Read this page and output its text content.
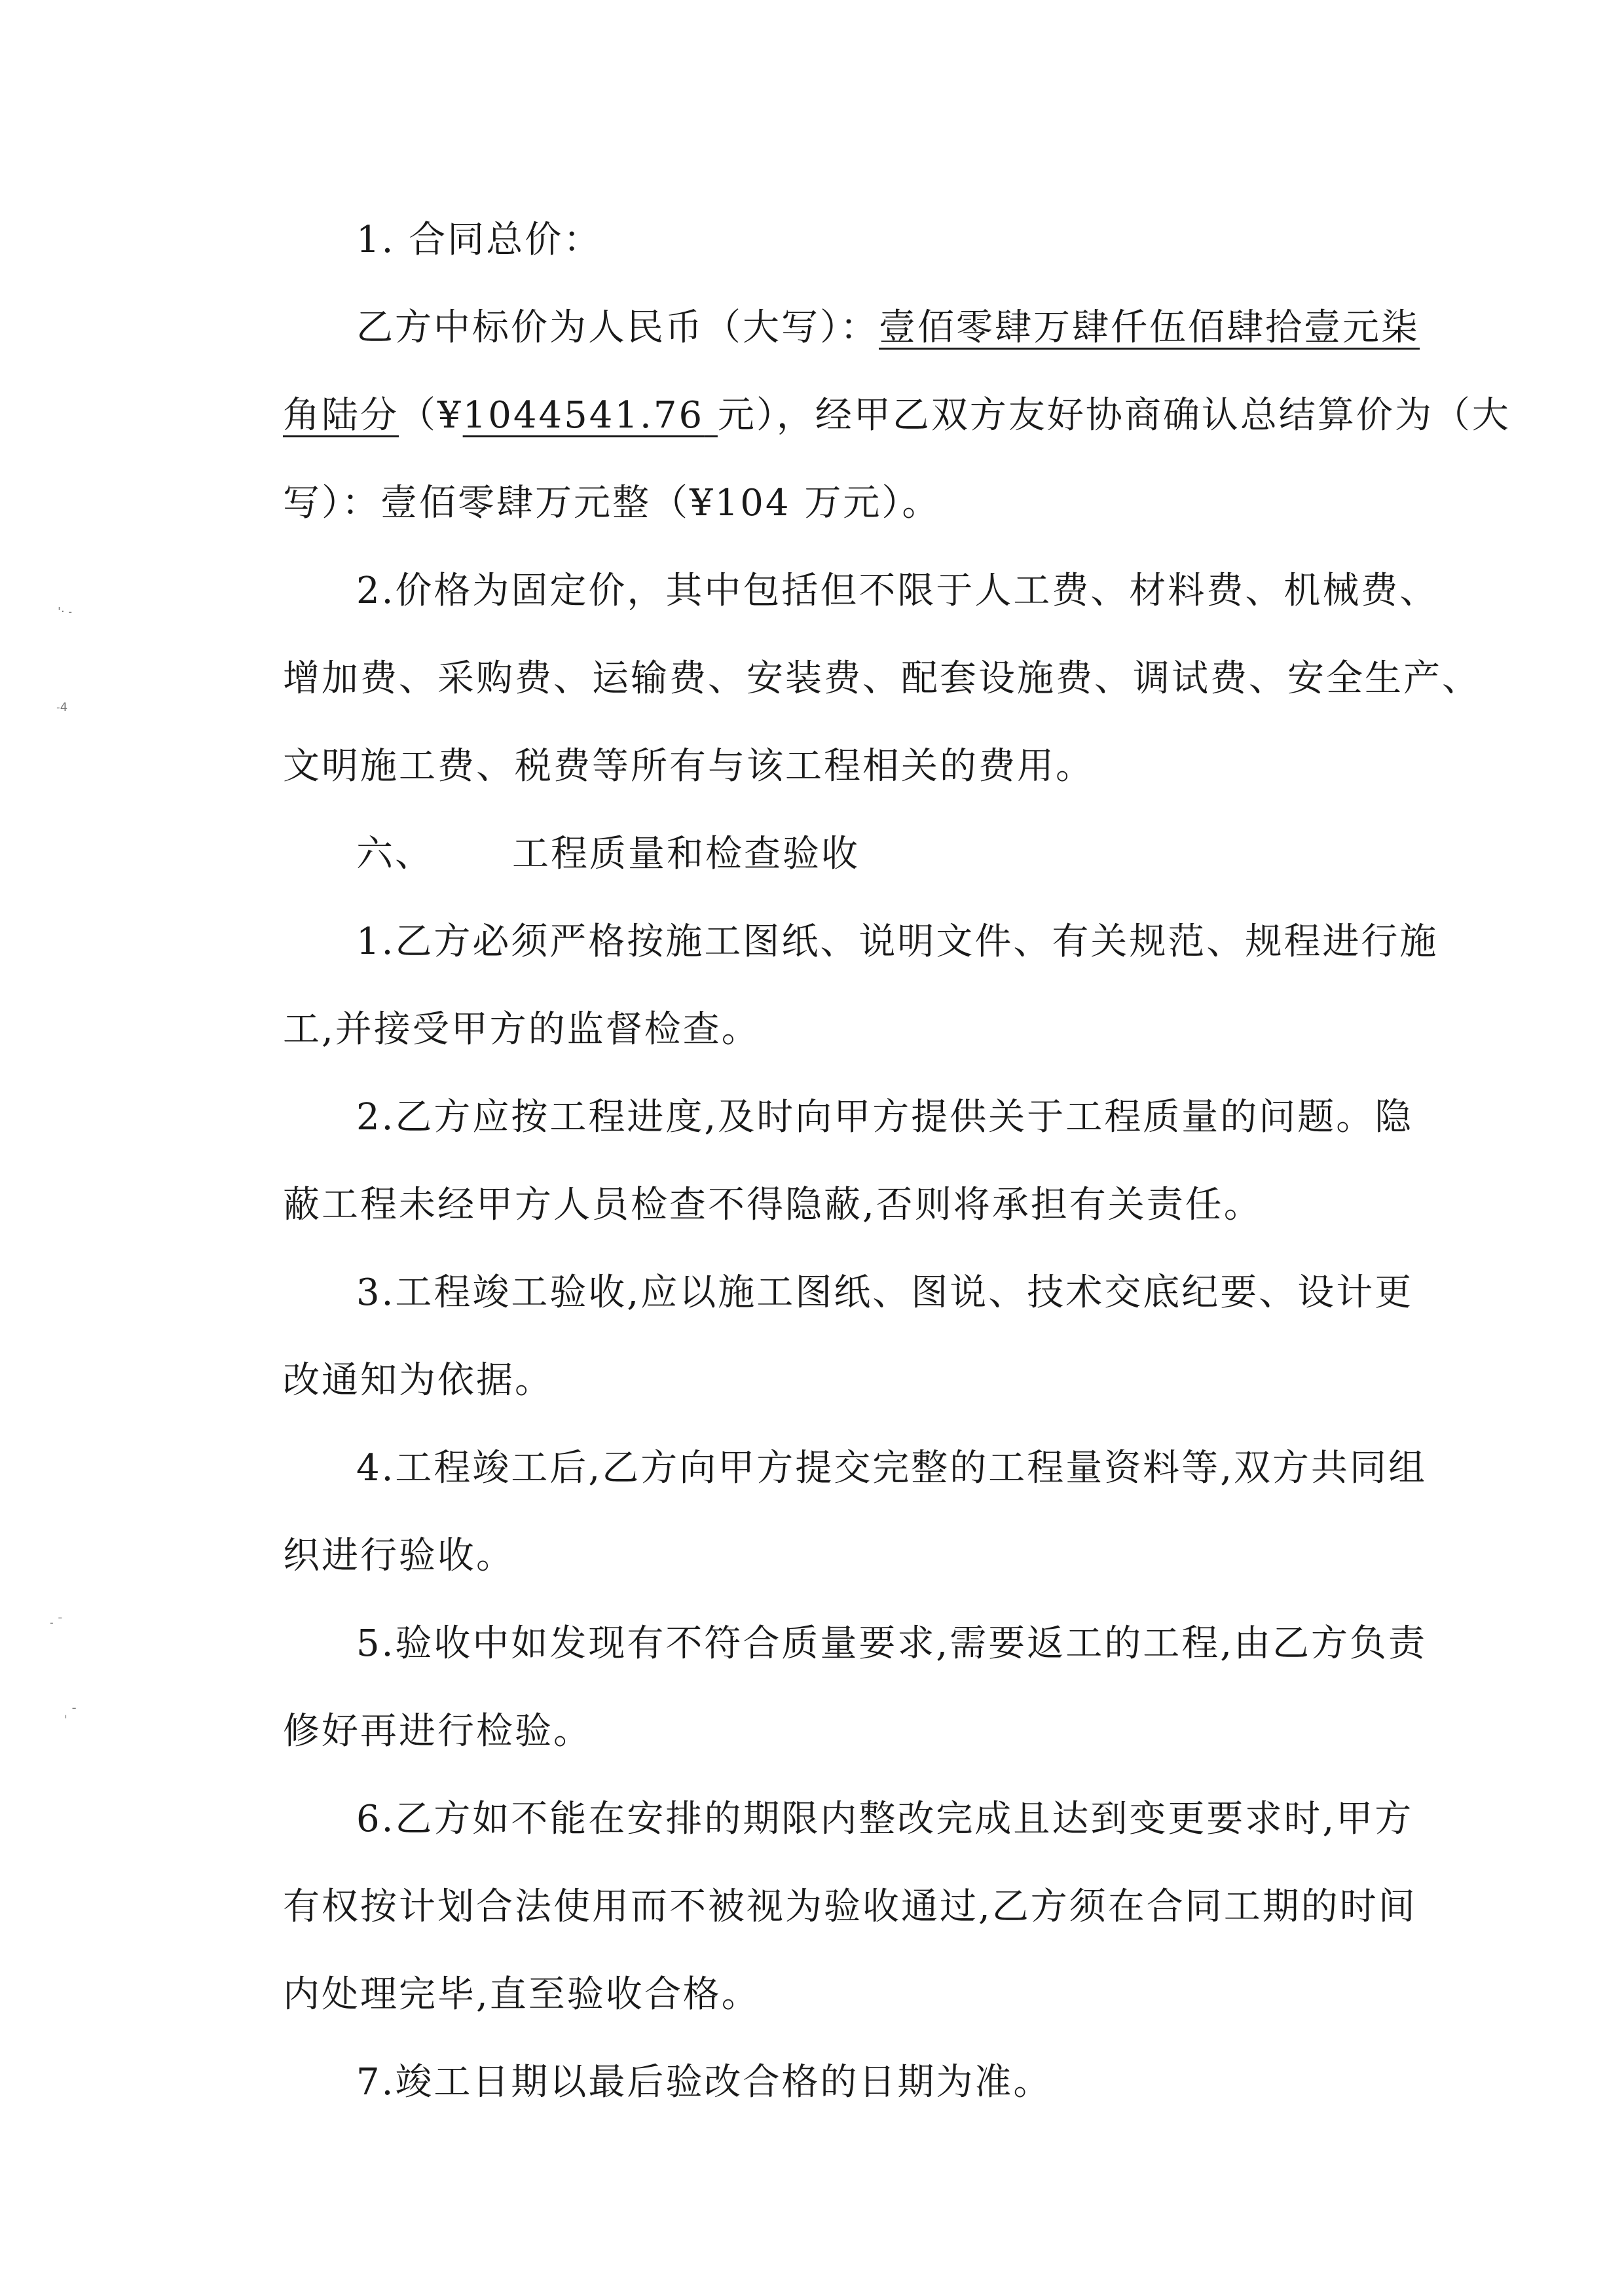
'· ˗
˗4
˗ ˉ
ˌ ˉ

1. 合同总价：

乙方中标价为人民币（大写）：壹佰零肆万肆仟伍佰肆拾壹元柒
角陆分（¥1044541.76 元），经甲乙双方友好协商确认总结算价为（大
写）：壹佰零肆万元整（¥104 万元）。
2.价格为固定价，其中包括但不限于人工费、材料费、机械费、
增加费、采购费、运输费、安装费、配套设施费、调试费、安全生产、
文明施工费、税费等所有与该工程相关的费用。

六、 工程质量和检查验收

1.乙方必须严格按施工图纸、说明文件、有关规范、规程进行施
工,并接受甲方的监督检查。
2.乙方应按工程进度,及时向甲方提供关于工程质量的问题。隐
蔽工程未经甲方人员检查不得隐蔽,否则将承担有关责任。
3.工程竣工验收,应以施工图纸、图说、技术交底纪要、设计更
改通知为依据。
4.工程竣工后,乙方向甲方提交完整的工程量资料等,双方共同组
织进行验收。
5.验收中如发现有不符合质量要求,需要返工的工程,由乙方负责
修好再进行检验。
6.乙方如不能在安排的期限内整改完成且达到变更要求时,甲方
有权按计划合法使用而不被视为验收通过,乙方须在合同工期的时间
内处理完毕,直至验收合格。
7.竣工日期以最后验改合格的日期为准。
